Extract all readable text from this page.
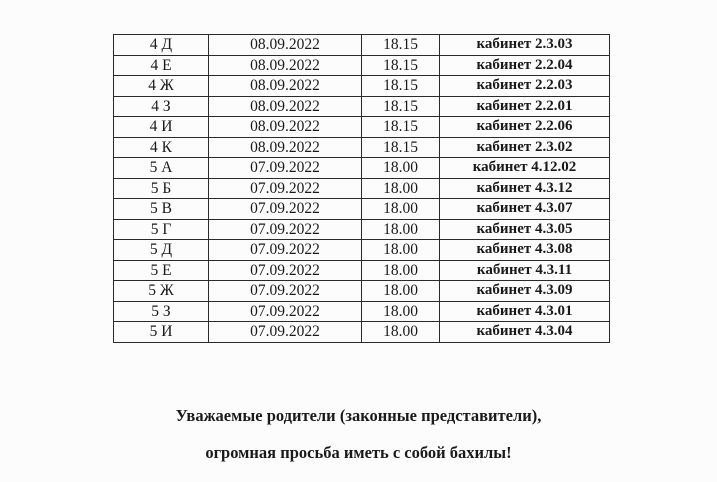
4 Д	08.09.2022	18.15	кабинет 2.3.03
4 Е	08.09.2022	18.15	кабинет 2.2.04
4 Ж	08.09.2022	18.15	кабинет 2.2.03
4 З	08.09.2022	18.15	кабинет 2.2.01
4 И	08.09.2022	18.15	кабинет 2.2.06
4 К	08.09.2022	18.15	кабинет 2.3.02
5 А	07.09.2022	18.00	кабинет 4.12.02
5 Б	07.09.2022	18.00	кабинет 4.3.12
5 В	07.09.2022	18.00	кабинет 4.3.07
5 Г	07.09.2022	18.00	кабинет 4.3.05
5 Д	07.09.2022	18.00	кабинет 4.3.08
5 Е	07.09.2022	18.00	кабинет 4.3.11
5 Ж	07.09.2022	18.00	кабинет 4.3.09
5 З	07.09.2022	18.00	кабинет 4.3.01
5 И	07.09.2022	18.00	кабинет 4.3.04
Уважаемые родители (законные представители),
огромная просьба иметь с собой бахилы!
